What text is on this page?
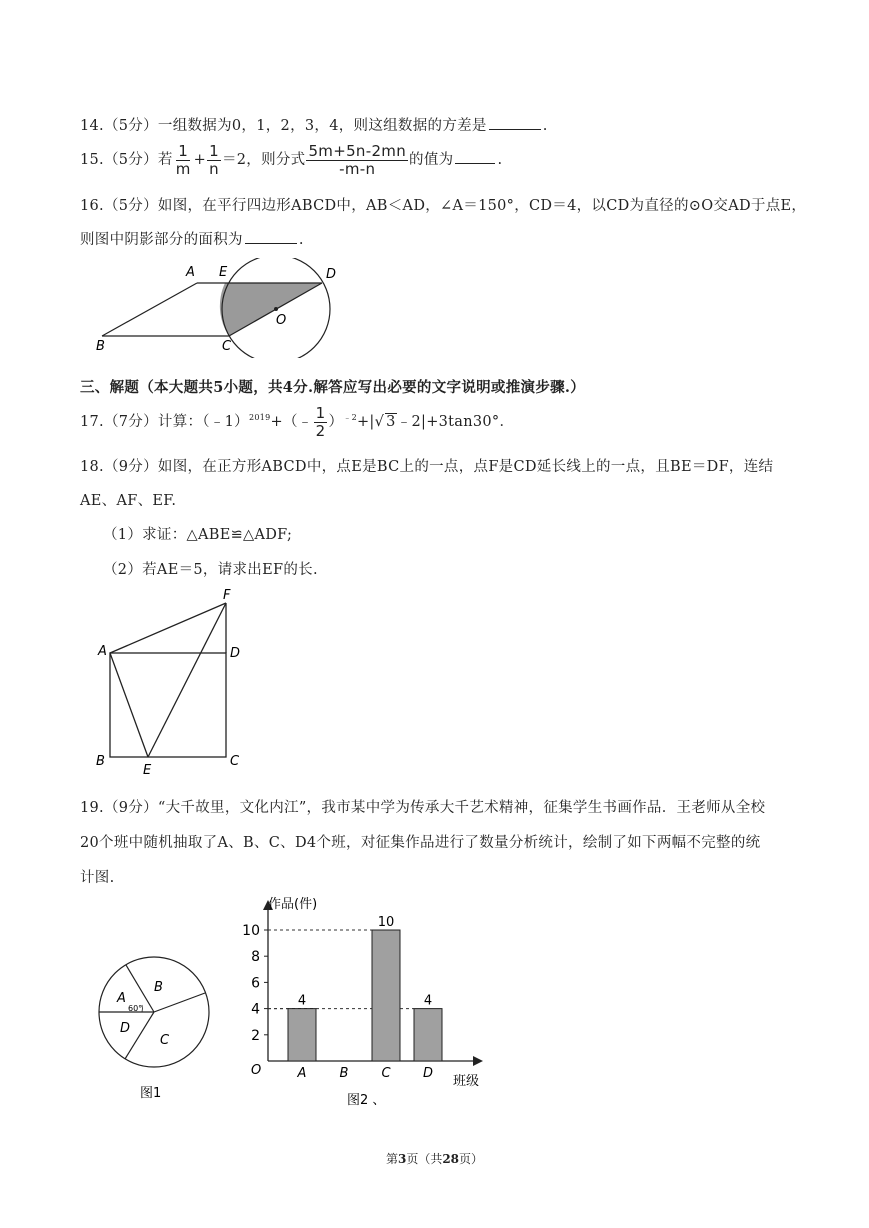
14.（5分）一组数据为0，1，2，3，4，则这组数据的方差是	.
15.（5分）若 $\frac{1}{m} + \frac{1}{n} =2$，则分式 $\frac{5m+5n-2mn}{-m-n}$ 的值为	.
16.（5分）如图，在平行四边形ABCD中，AB＜AD，∠A＝150°，CD＝4，以CD为直径的⊙O交AD于点E，
则图中阴影部分的面积为	.
A E	D
B	C
O
三、解题（本大题共5小题，共4分.解答应写出必要的文字说明或推演步骤.）
17.（7分）计算：（﹣1）$^{2019}$+（﹣ $\frac{1}{2} )^{﹣2}+|√$ 3﹣2|+3tan30°．
18.（9分）如图，在正方形ABCD中，点E是BC上的一点，点F是CD延长线上的一点，且BE＝DF，连结
AE、AF、EF.
（1）求证：△ABE≌△ADF;
（2）若AE＝5，请求出EF的长.
F
A	D
B
E
C
19.（9分）“大千故里，文化内江”，我市某中学为传承大千艺术精神，征集学生书画作品．王老师从全校
20个班中随机抽取了A、B、C、D4个班，对征集作品进行了数量分析统计，绘制了如下两幅不完整的统
计图.
A
60°
B
C
D
图1
作品(件)
班级
O
2
4
6
8
10
4
A	B
10
C
4
D
图2 、
第3页（共28页）
